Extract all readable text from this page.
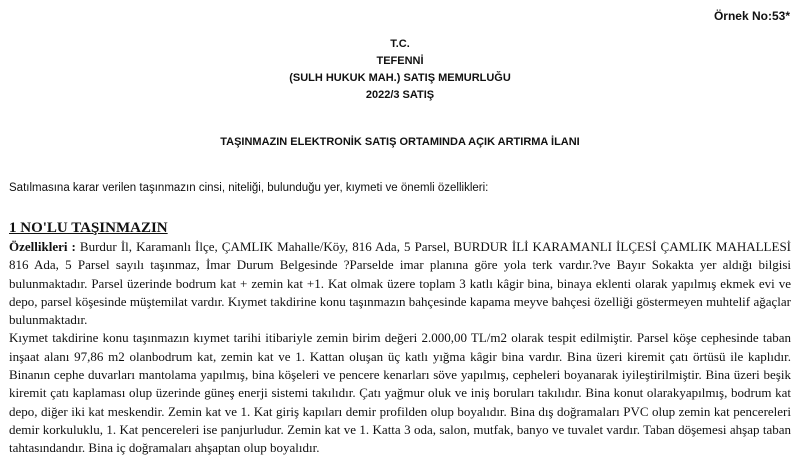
Örnek No:53*
T.C.
TEFENNİ
(SULH HUKUK MAH.) SATIŞ MEMURLUĞU
2022/3 SATIŞ
TAŞINMAZIN ELEKTRONİK SATIŞ ORTAMINDA AÇIK ARTIRMA İLANI
Satılmasına karar verilen taşınmazın cinsi, niteliği, bulunduğu yer, kıymeti ve önemli özellikleri:
1 NO'LU TAŞINMAZIN

Özellikleri : Burdur İl, Karamanlı İlçe, ÇAMLIK Mahalle/Köy, 816 Ada, 5 Parsel, BURDUR İLİ KARAMANLI İLÇESİ ÇAMLIK MAHALLESİ 816 Ada, 5 Parsel sayılı taşınmaz, İmar Durum Belgesinde ?Parselde imar planına göre yola terk vardır.?ve Bayır Sokakta yer aldığı bilgisi bulunmaktadır. Parsel üzerinde bodrum kat + zemin kat +1. Kat olmak üzere toplam 3 katlı kâgir bina, binaya eklenti olarak yapılmış ekmek evi ve depo, parsel köşesinde müştemilat vardır. Kıymet takdirine konu taşınmazın bahçesinde kapama meyve bahçesi özelliği göstermeyen muhtelif ağaçlar bulunmaktadır.

Kıymet takdirine konu taşınmazın kıymet tarihi itibariyle zemin birim değeri 2.000,00 TL/m2 olarak tespit edilmiştir. Parsel köşe cephesinde taban inşaat alanı 97,86 m2 olanbodrum kat, zemin kat ve 1. Kattan oluşan üç katlı yığma kâgir bina vardır. Bina üzeri kiremit çatı örtüsü ile kaplıdır. Binanın cephe duvarları mantolama yapılmış, bina köşeleri ve pencere kenarları söve yapılmış, cepheleri boyanarak iyileştirilmiştir. Bina üzeri beşik kiremit çatı kaplaması olup üzerinde güneş enerji sistemi takılıdır. Çatı yağmur oluk ve iniş boruları takılıdır. Bina konut olarakyapılmış, bodrum kat depo, diğer iki kat meskendir. Zemin kat ve 1. Kat giriş kapıları demir profilden olup boyalıdır. Bina dış doğramaları PVC olup zemin kat pencereleri demir korkuluklu, 1. Kat pencereleri ise panjurludur. Zemin kat ve 1. Katta 3 oda, salon, mutfak, banyo ve tuvalet vardır. Taban döşemesi ahşap taban tahtasındandır. Bina iç doğramaları ahşaptan olup boyalıdır.
